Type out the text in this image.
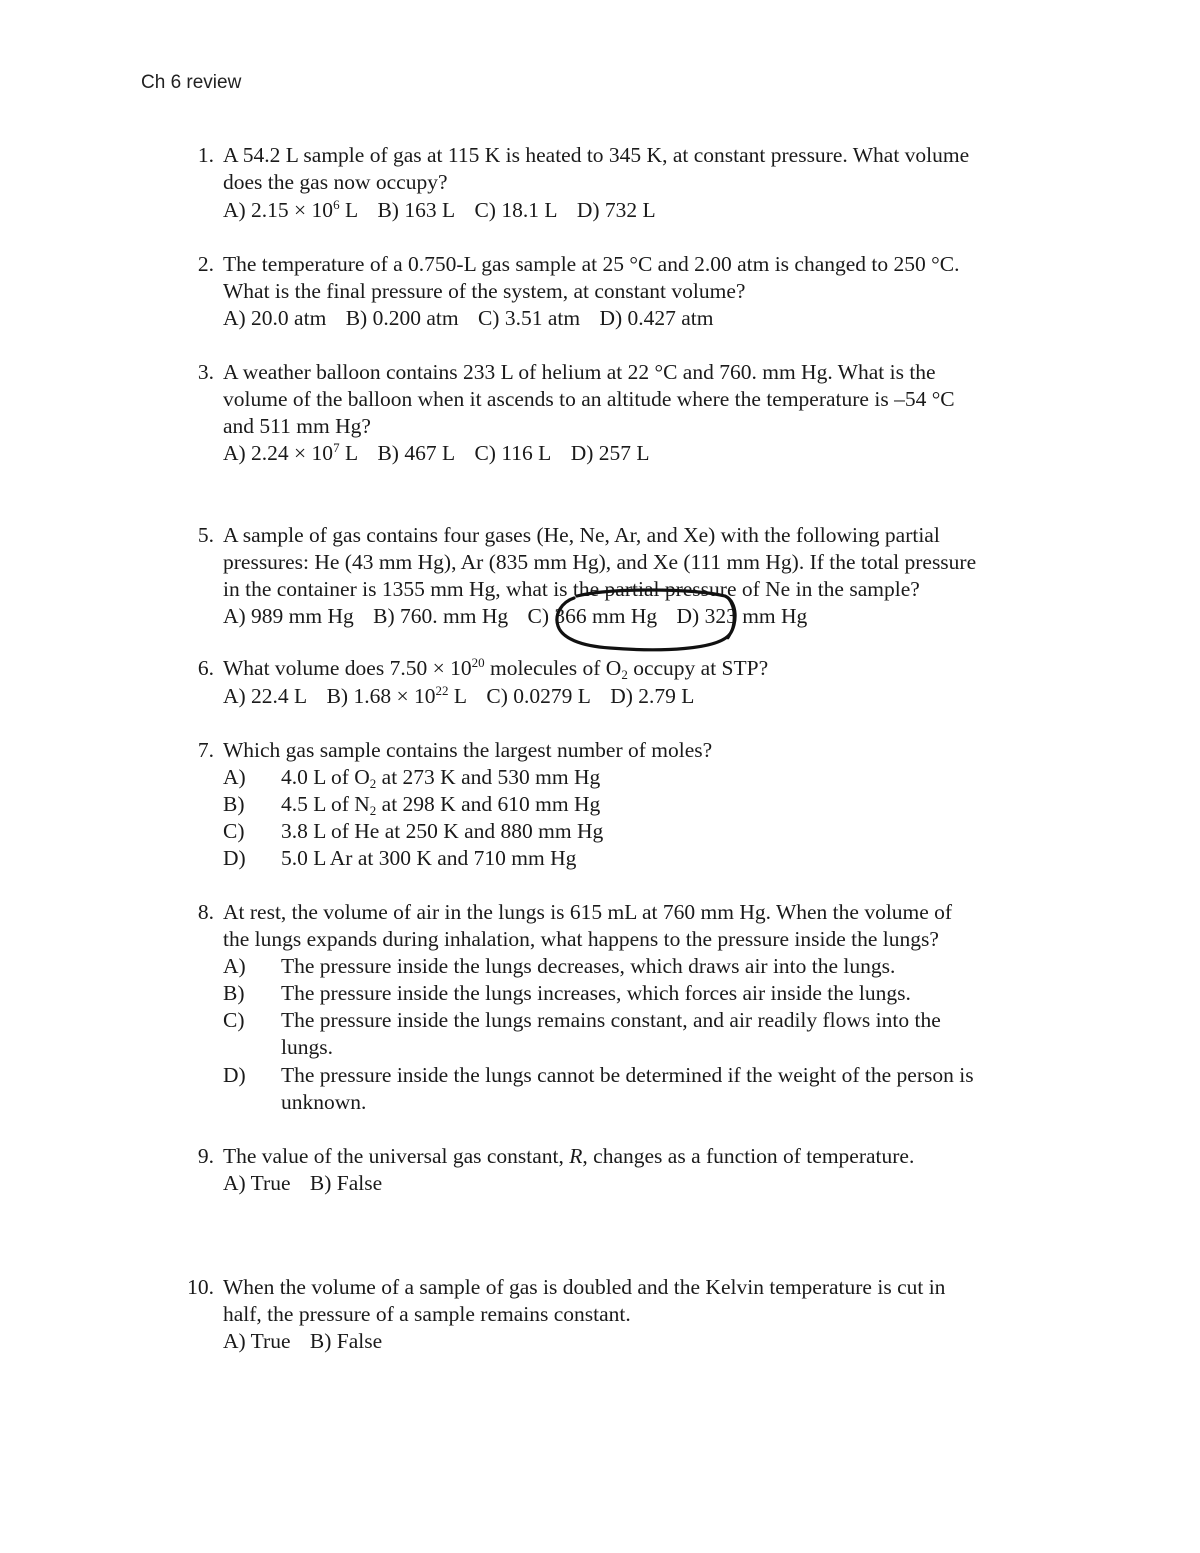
Ch 6 review
1. A 54.2 L sample of gas at 115 K is heated to 345 K, at constant pressure. What volume
does the gas now occupy?
A) $2.15 \times 10^6$ L B) 163 L C) 18.1 L D) 732 L
2. The temperature of a 0.750-L gas sample at 25 °C and 2.00 atm is changed to 250 °C.
What is the final pressure of the system, at constant volume?
A) 20.0 atm B) 0.200 atm C) 3.51 atm D) 0.427 atm
3. A weather balloon contains 233 L of helium at 22 °C and 760. mm Hg. What is the
volume of the balloon when it ascends to an altitude where the temperature is –54 °C
and 511 mm Hg?
A) $2.24 \times 10^7$ L B) 467 L C) 116 L D) 257 L
5. A sample of gas contains four gases (He, Ne, Ar, and Xe) with the following partial
pressures: He (43 mm Hg), Ar (835 mm Hg), and Xe (111 mm Hg). If the total pressure
in the container is 1355 mm Hg, what is the partial pressure of Ne in the sample?
A) 989 mm Hg B) 760. mm Hg C) 366 mm Hg D) 323 mm Hg
6. What volume does $7.50 \times 10^{20}$ molecules of $O_2$ occupy at STP?
A) 22.4 L B) $1.68 \times 10^{22}$ L C) 0.0279 L D) 2.79 L
7. Which gas sample contains the largest number of moles?
A) 4.0 L of $O_2$ at 273 K and 530 mm Hg
B) 4.5 L of $N_2$ at 298 K and 610 mm Hg
C) 3.8 L of He at 250 K and 880 mm Hg
D) 5.0 L Ar at 300 K and 710 mm Hg
8. At rest, the volume of air in the lungs is 615 mL at 760 mm Hg. When the volume of
the lungs expands during inhalation, what happens to the pressure inside the lungs?
A) The pressure inside the lungs decreases, which draws air into the lungs.
B) The pressure inside the lungs increases, which forces air inside the lungs.
C) The pressure inside the lungs remains constant, and air readily flows into the
lungs.
D) The pressure inside the lungs cannot be determined if the weight of the person is
unknown.
9. The value of the universal gas constant, R, changes as a function of temperature.
A) True B) False
10. When the volume of a sample of gas is doubled and the Kelvin temperature is cut in
half, the pressure of a sample remains constant.
A) True B) False
